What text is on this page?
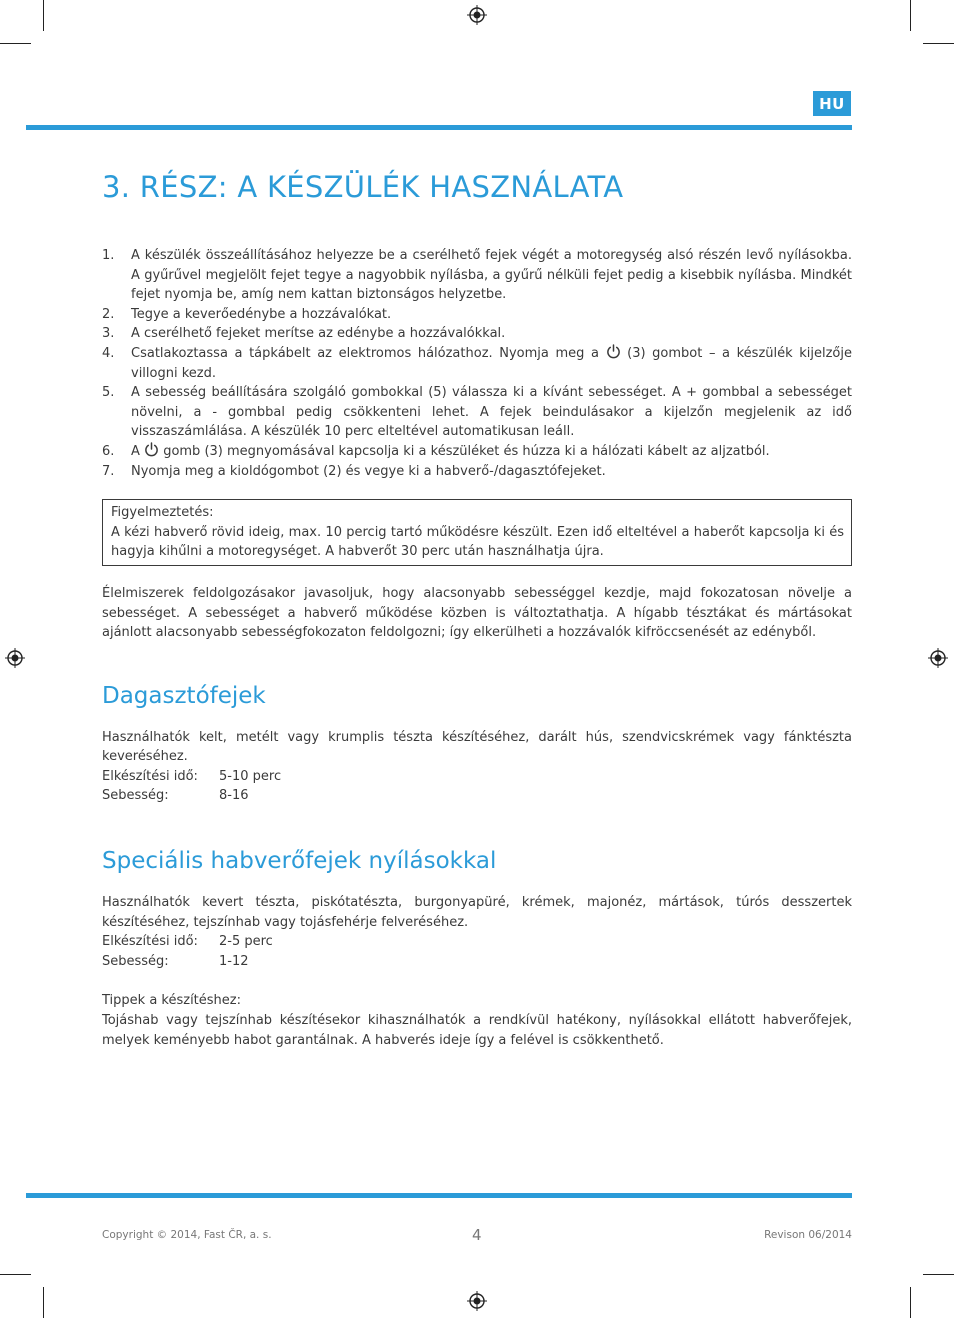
HU
3. RÉSZ: A KÉSZÜLÉK HASZNÁLATA
1. A készülék összeállításához helyezze be a cserélhető fejek végét a motoregység alsó részén levő nyílásokba. A gyűrűvel megjelölt fejet tegye a nagyobbik nyílásba, a gyűrű nélküli fejet pedig a kisebbik nyílásba. Mindkét fejet nyomja be, amíg nem kattan biztonságos helyzetbe.
2. Tegye a keverőedénybe a hozzávalókat.
3. A cserélhető fejeket merítse az edénybe a hozzávalókkal.
4. Csatlakoztassa a tápkábelt az elektromos hálózathoz. Nyomja meg a (3) gombot – a készülék kijelzője villogni kezd.
5. A sebesség beállítására szolgáló gombokkal (5) válassza ki a kívánt sebességet. A + gombbal a sebességet növelni, a - gombbal pedig csökkenteni lehet. A fejek beindulásakor a kijelzőn megjelenik az idő visszaszámlálása. A készülék 10 perc elteltével automatikusan leáll.
6. A gomb (3) megnyomásával kapcsolja ki a készüléket és húzza ki a hálózati kábelt az aljzatból.
7. Nyomja meg a kioldógombot (2) és vegye ki a habverő-/dagasztófejeket.
Figyelmeztetés:
A kézi habverő rövid ideig, max. 10 percig tartó működésre készült. Ezen idő elteltével a haberőt kapcsolja ki és hagyja kihűlni a motoregységet. A habverőt 30 perc után használhatja újra.

Élelmiszerek feldolgozásakor javasoljuk, hogy alacsonyabb sebességgel kezdje, majd fokozatosan növelje a sebességet. A sebességet a habverő működése közben is változtathatja. A hígabb tésztákat és mártásokat ajánlott alacsonyabb sebességfokozaton feldolgozni; így elkerülheti a hozzávalók kifröccsenését az edényből.

Dagasztófejek

Használhatók kelt, metélt vagy krumplis tészta készítéséhez, darált hús, szendvicskrémek vagy fánktészta keveréséhez.

Elkészítési idő:	5-10 perc
Sebesség:	8-16
Speciális habverőfejek nyílásokkal

Használhatók kevert tészta, piskótatészta, burgonyapüré, krémek, majonéz, mártások, túrós desszertek készítéséhez, tejszínhab vagy tojásfehérje felveréséhez.

Elkészítési idő:	2-5 perc
Sebesség:	1-12
Tippek a készítéshez:

Tojáshab vagy tejszínhab készítésekor kihasználhatók a rendkívül hatékony, nyílásokkal ellátott habverőfejek, melyek keményebb habot garantálnak. A habverés ideje így a felével is csökkenthető.

Copyright © 2014, Fast ČR, a. s.	4	Revison 06/2014
